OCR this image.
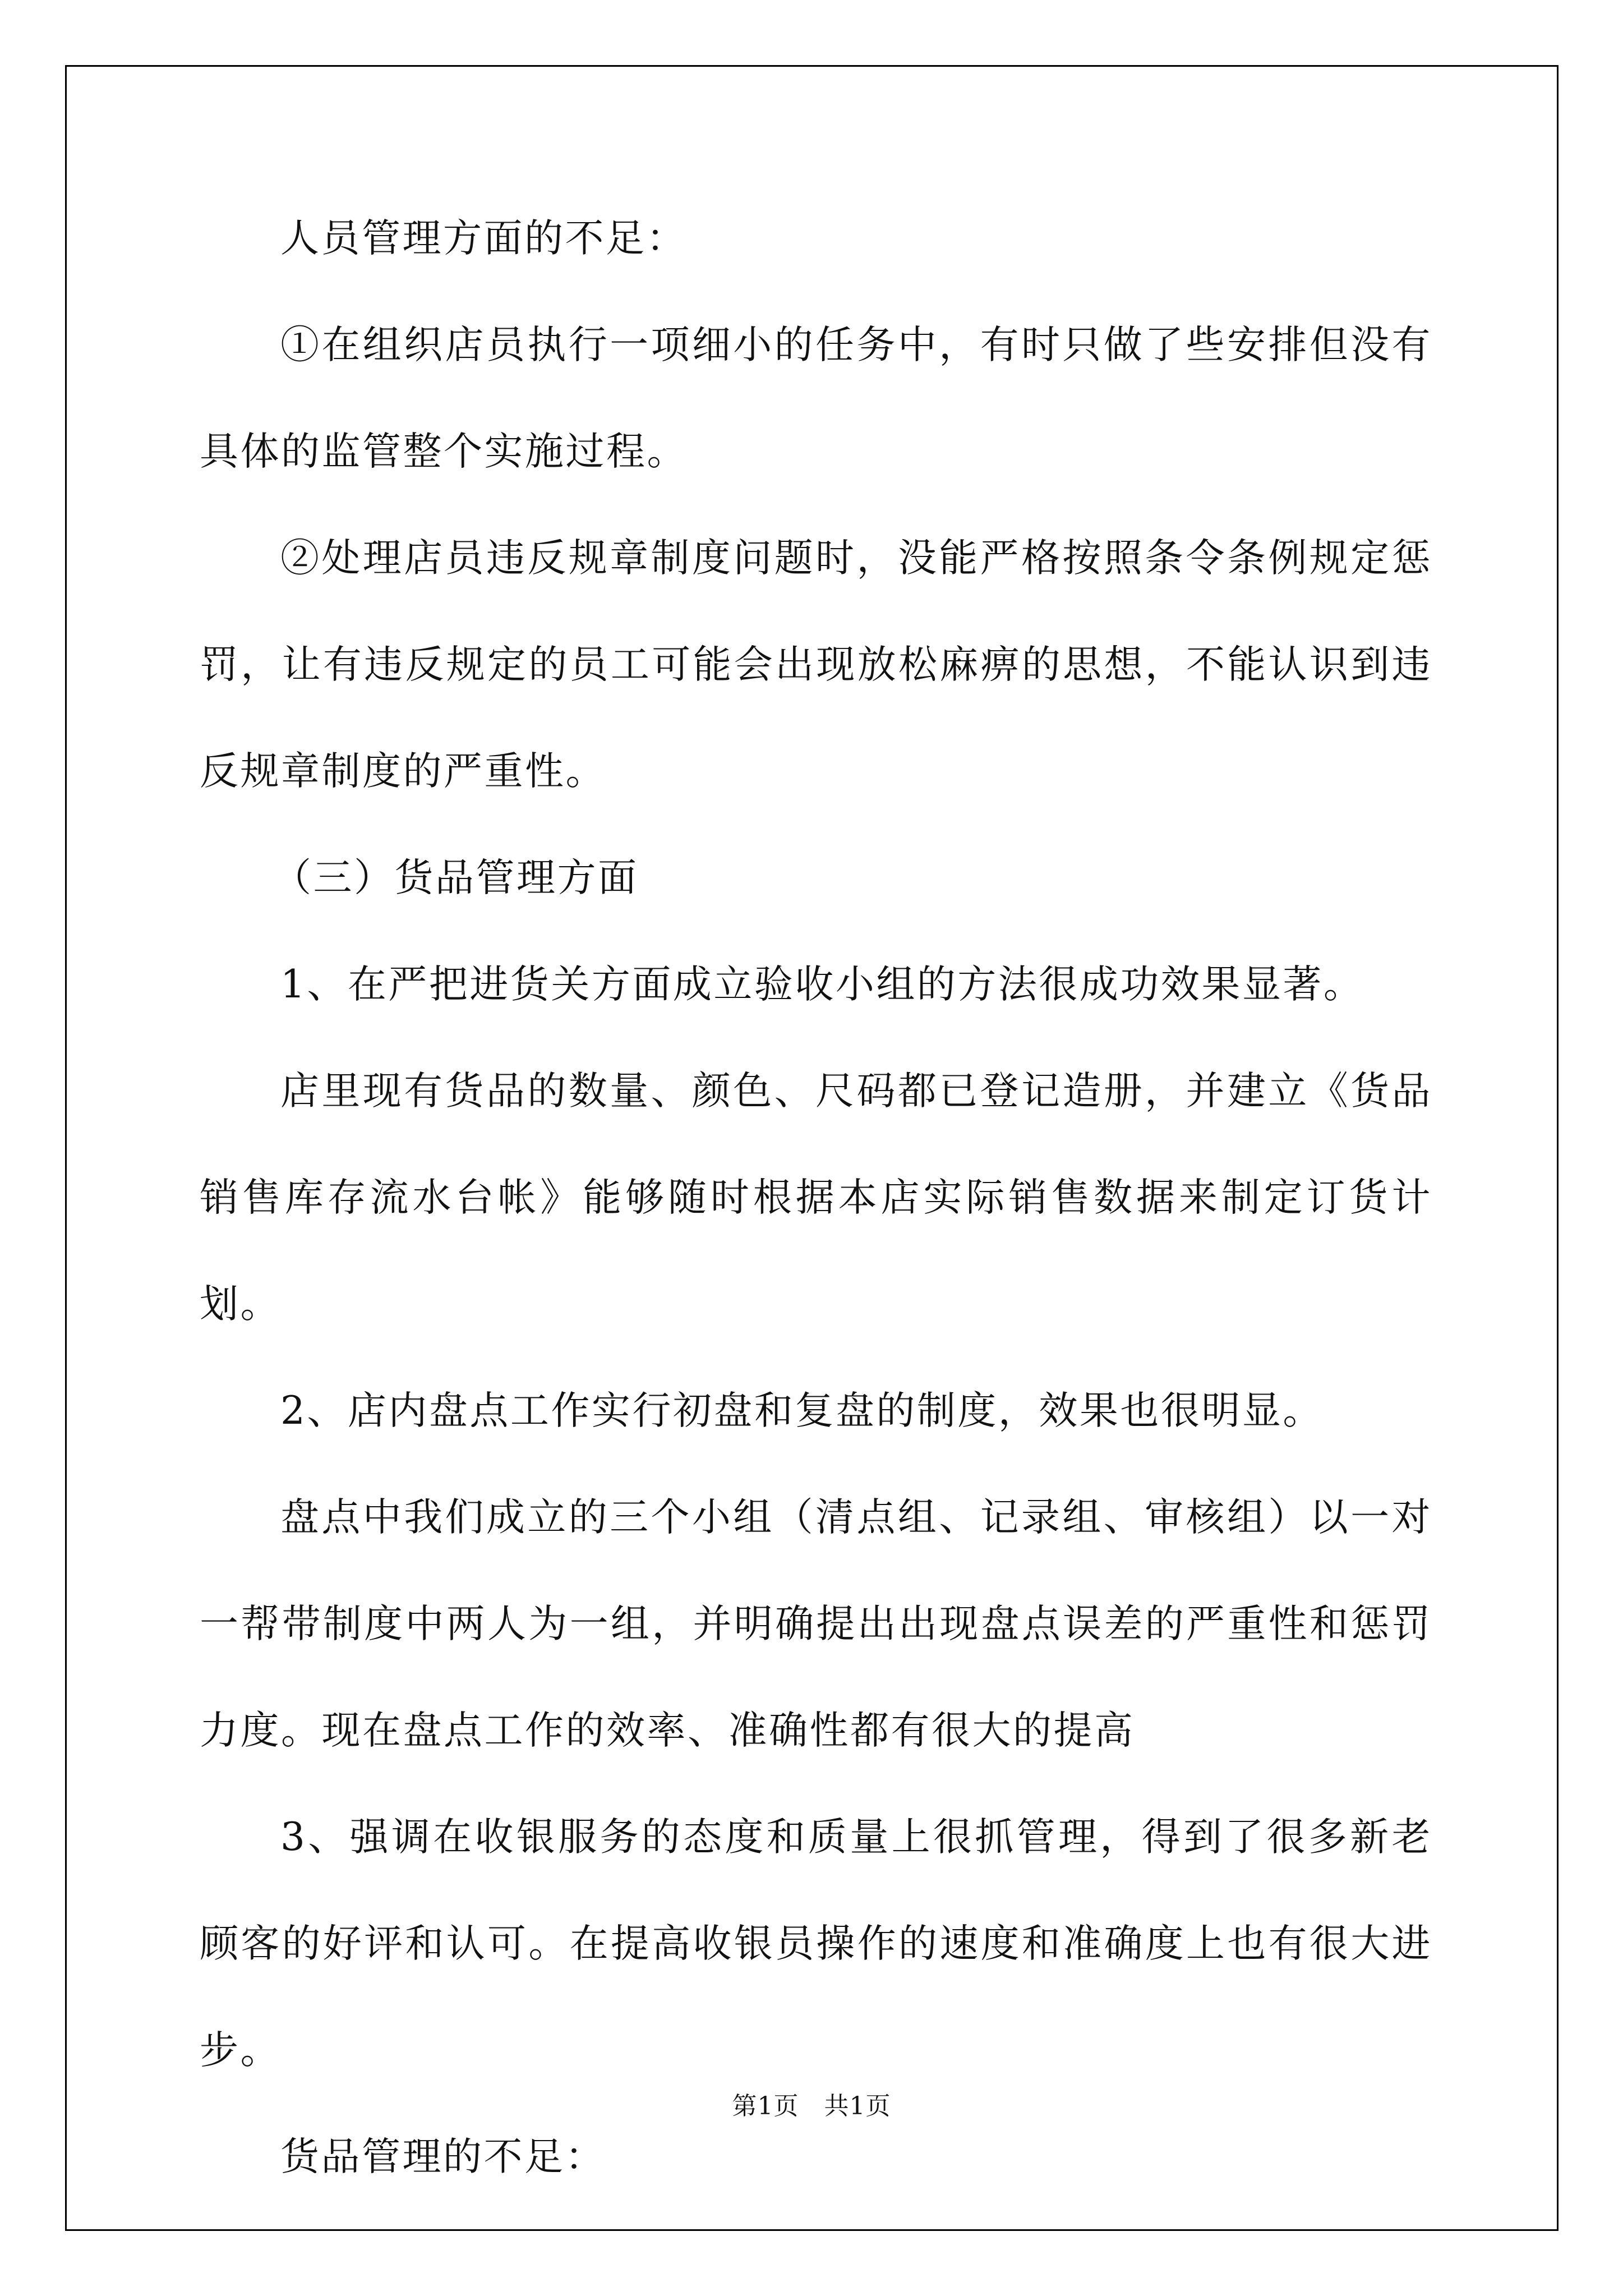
人员管理方面的不足：

①在组织店员执行一项细小的任务中，有时只做了些安排但没有具体的监管整个实施过程。

②处理店员违反规章制度问题时，没能严格按照条令条例规定惩罚，让有违反规定的员工可能会出现放松麻痹的思想，不能认识到违反规章制度的严重性。

（三）货品管理方面

1、在严把进货关方面成立验收小组的方法很成功效果显著。

店里现有货品的数量、颜色、尺码都已登记造册，并建立《货品销售库存流水台帐》能够随时根据本店实际销售数据来制定订货计划。

2、店内盘点工作实行初盘和复盘的制度，效果也很明显。

盘点中我们成立的三个小组（清点组、记录组、审核组）以一对一帮带制度中两人为一组，并明确提出出现盘点误差的严重性和惩罚力度。现在盘点工作的效率、准确性都有很大的提高

3、强调在收银服务的态度和质量上很抓管理，得到了很多新老顾客的好评和认可。在提高收银员操作的速度和准确度上也有很大进步。

货品管理的不足：

第1页　共1页
